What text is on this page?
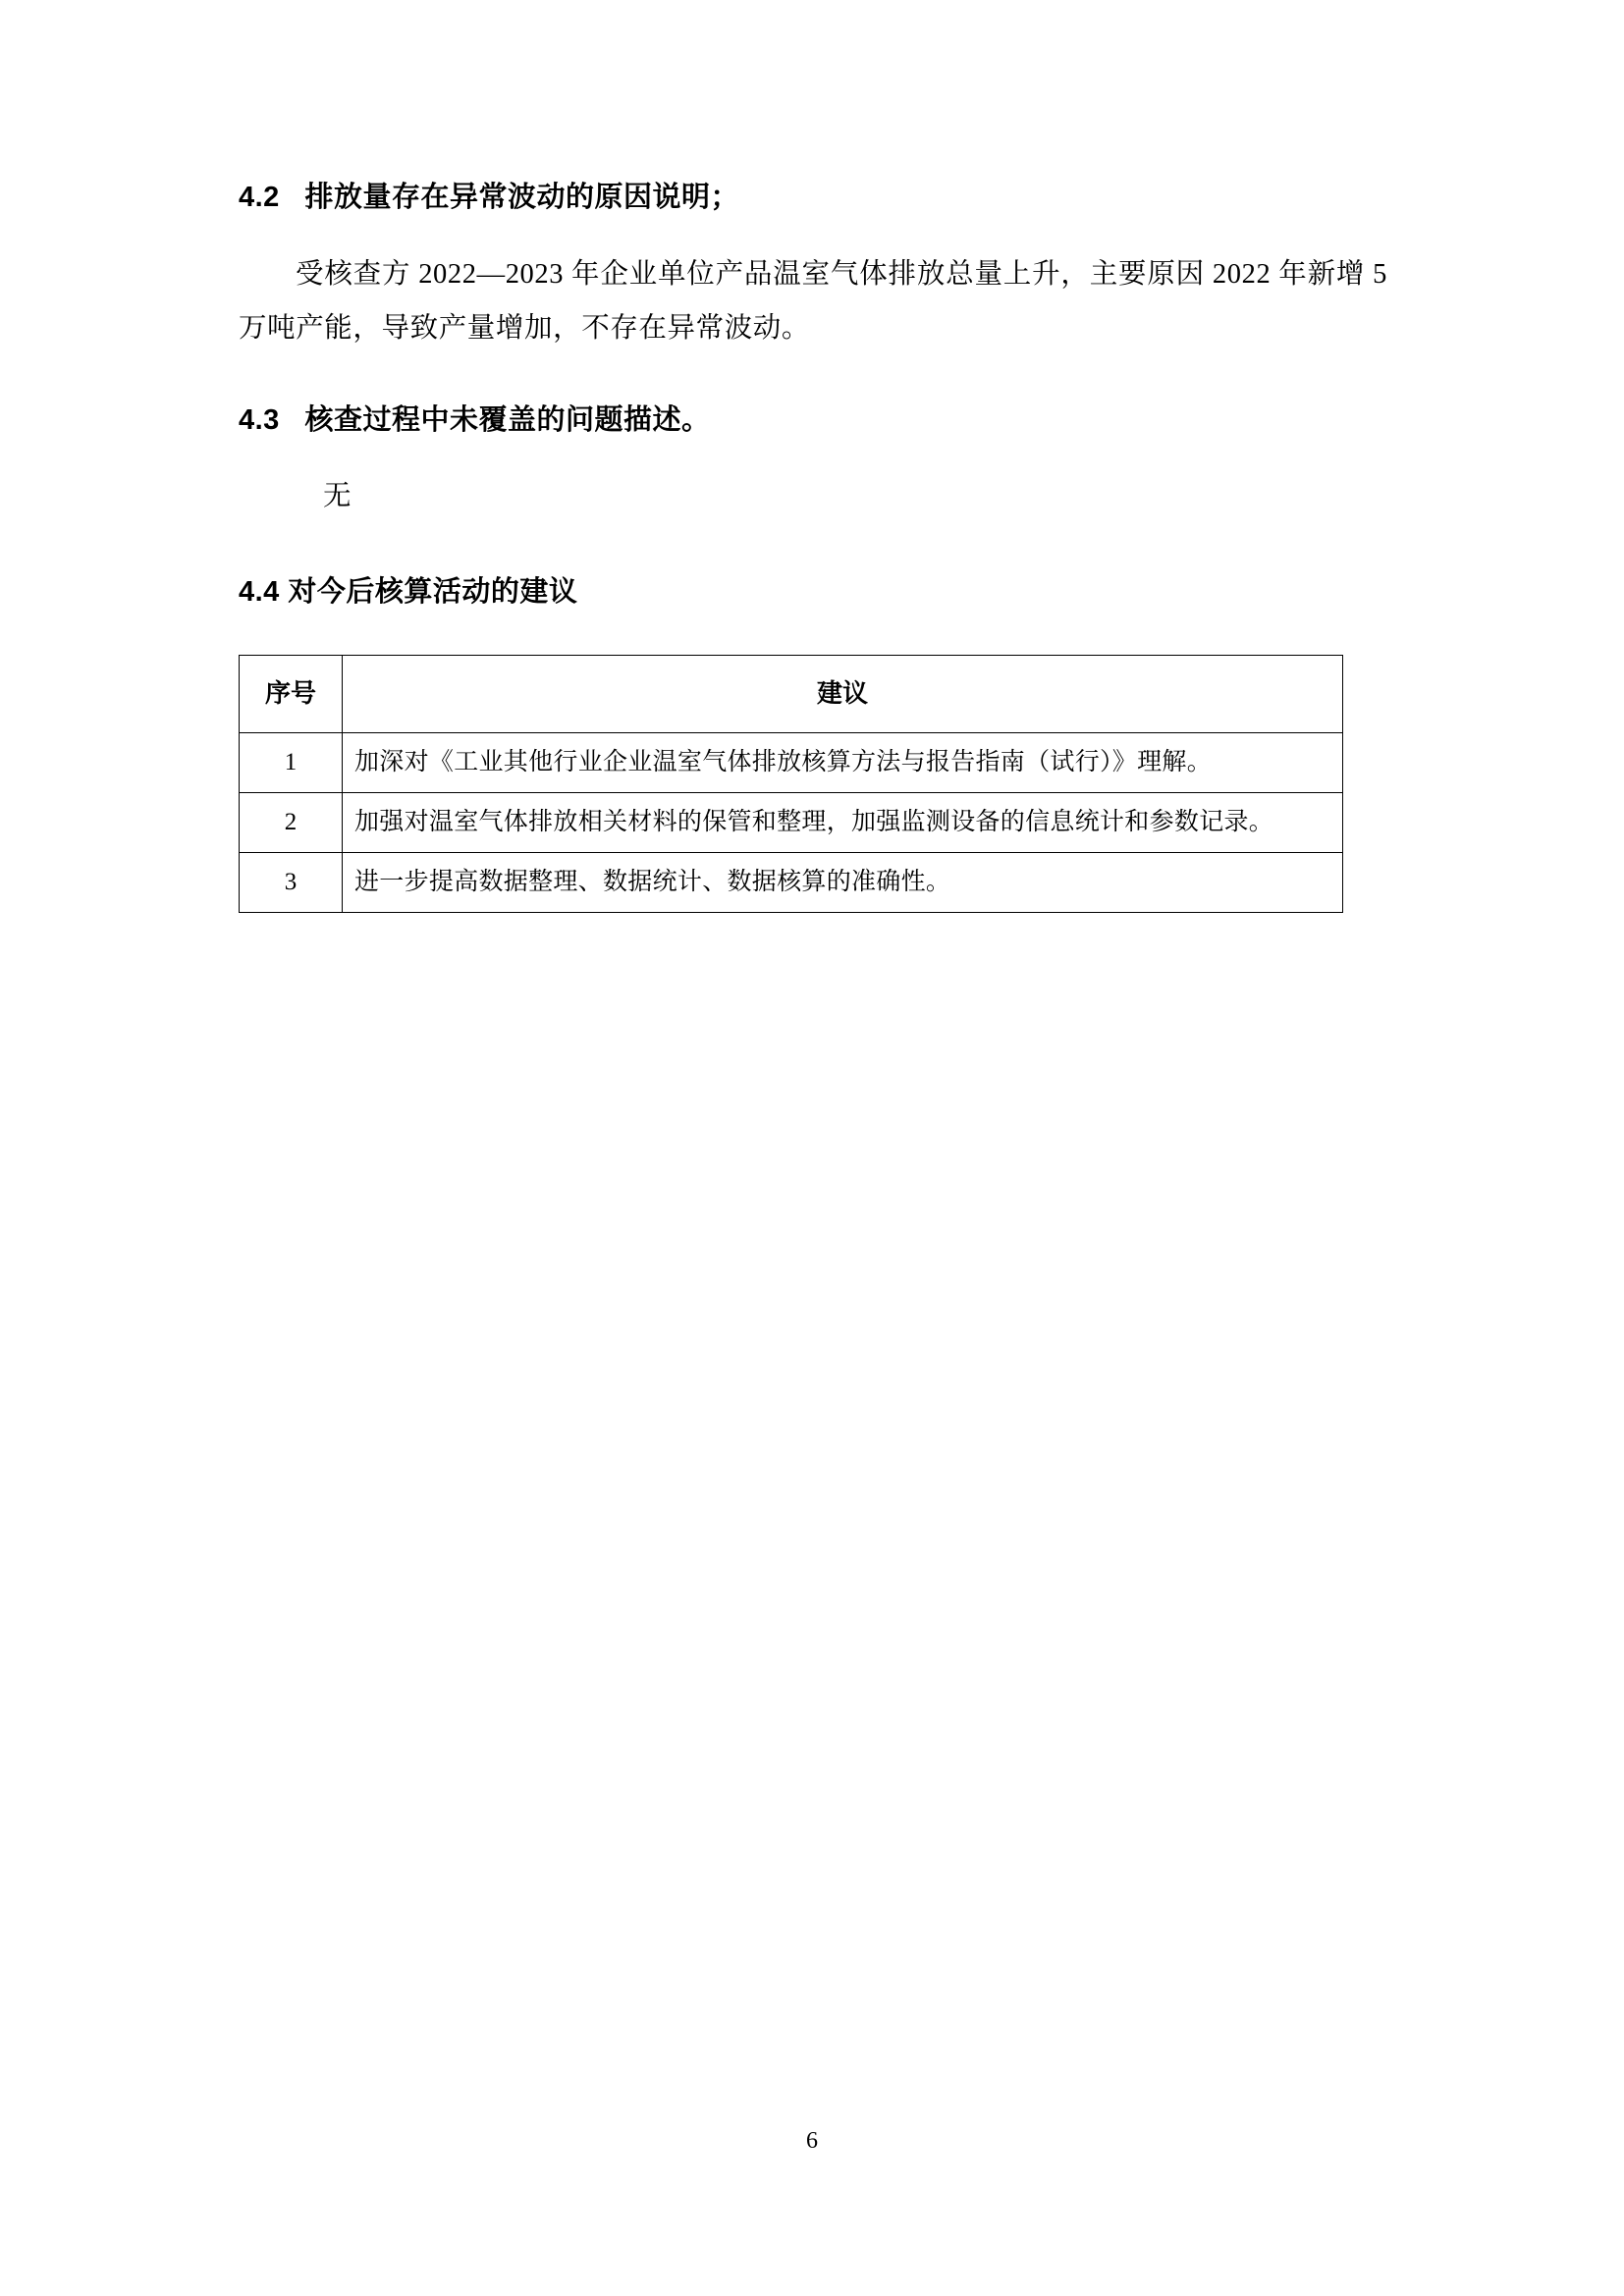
4.2 排放量存在异常波动的原因说明；

受核查方 2022—2023 年企业单位产品温室气体排放总量上升，主要原因 2022 年新增 5 万吨产能，导致产量增加，不存在异常波动。

4.3 核查过程中未覆盖的问题描述。

无

4.4 对今后核算活动的建议
序号	建议
1	加深对《工业其他行业企业温室气体排放核算方法与报告指南（试行）》理解。
2	加强对温室气体排放相关材料的保管和整理，加强监测设备的信息统计和参数记录。
3	进一步提高数据整理、数据统计、数据核算的准确性。
6
